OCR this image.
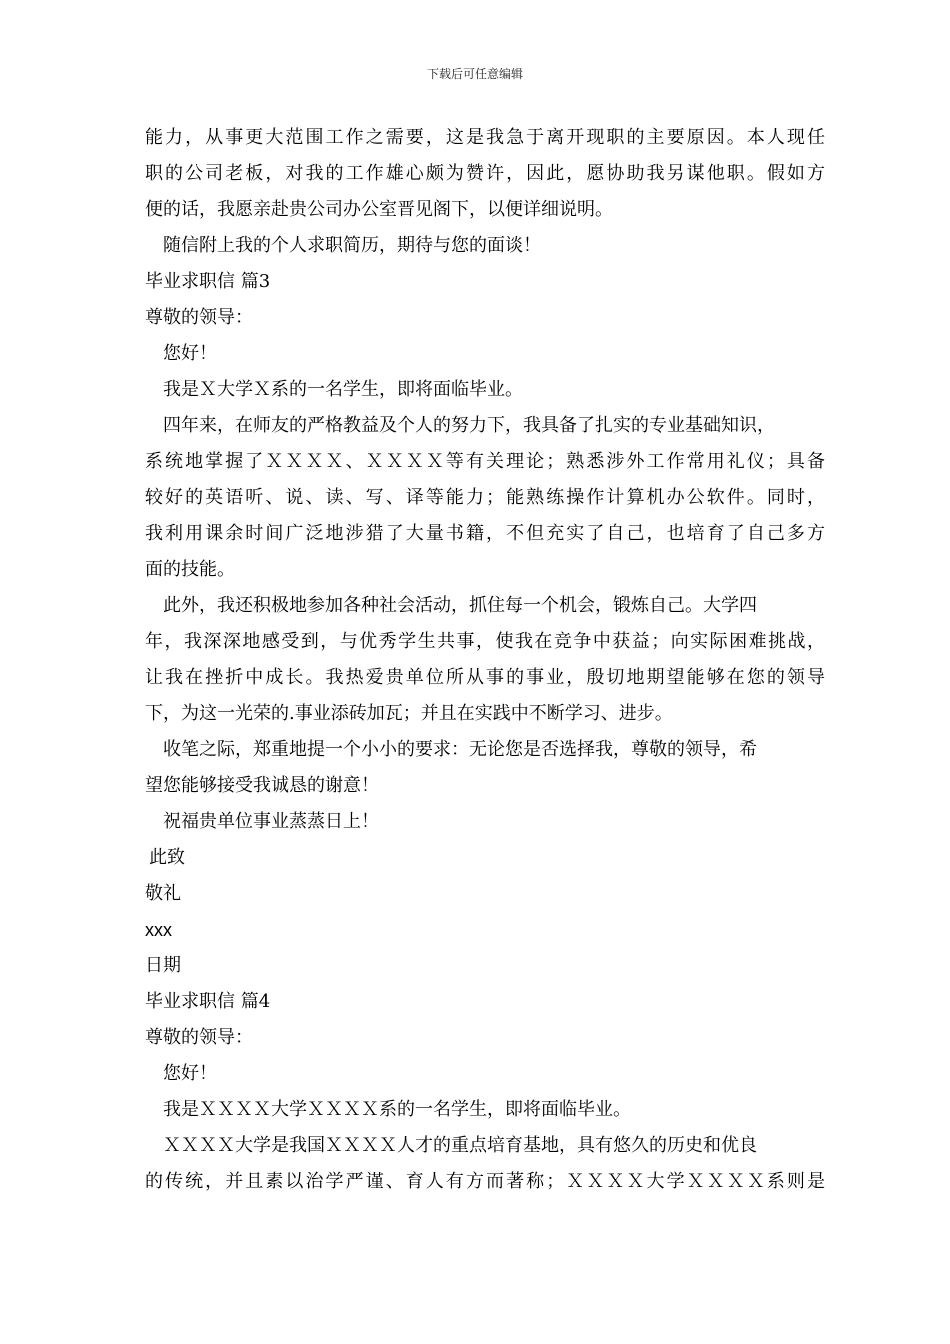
下载后可任意编辑
能力，从事更大范围工作之需要，这是我急于离开现职的主要原因。本人现任
职的公司老板，对我的工作雄心颇为赞许，因此，愿协助我另谋他职。假如方
便的话，我愿亲赴贵公司办公室晋见阁下，以便详细说明。
随信附上我的个人求职简历，期待与您的面谈！
毕业求职信 篇3
尊敬的领导：
您好！
我是Ｘ大学Ｘ系的一名学生，即将面临毕业。
四年来，在师友的严格教益及个人的努力下，我具备了扎实的专业基础知识，
系统地掌握了ＸＸＸＸ、ＸＸＸＸ等有关理论；熟悉涉外工作常用礼仪；具备
较好的英语听、说、读、写、译等能力；能熟练操作计算机办公软件。同时，
我利用课余时间广泛地涉猎了大量书籍，不但充实了自己，也培育了自己多方
面的技能。
此外，我还积极地参加各种社会活动，抓住每一个机会，锻炼自己。大学四
年，我深深地感受到，与优秀学生共事，使我在竞争中获益；向实际困难挑战，
让我在挫折中成长。我热爱贵单位所从事的事业，殷切地期望能够在您的领导
下，为这一光荣的.事业添砖加瓦；并且在实践中不断学习、进步。
收笔之际，郑重地提一个小小的要求：无论您是否选择我，尊敬的领导，希
望您能够接受我诚恳的谢意！
祝福贵单位事业蒸蒸日上！
此致
敬礼
xxx
日期
毕业求职信 篇4
尊敬的领导：
您好！
我是ＸＸＸＸ大学ＸＸＸＸ系的一名学生，即将面临毕业。
ＸＸＸＸ大学是我国ＸＸＸＸ人才的重点培育基地，具有悠久的历史和优良
的传统，并且素以治学严谨、育人有方而著称；ＸＸＸＸ大学ＸＸＸＸ系则是
